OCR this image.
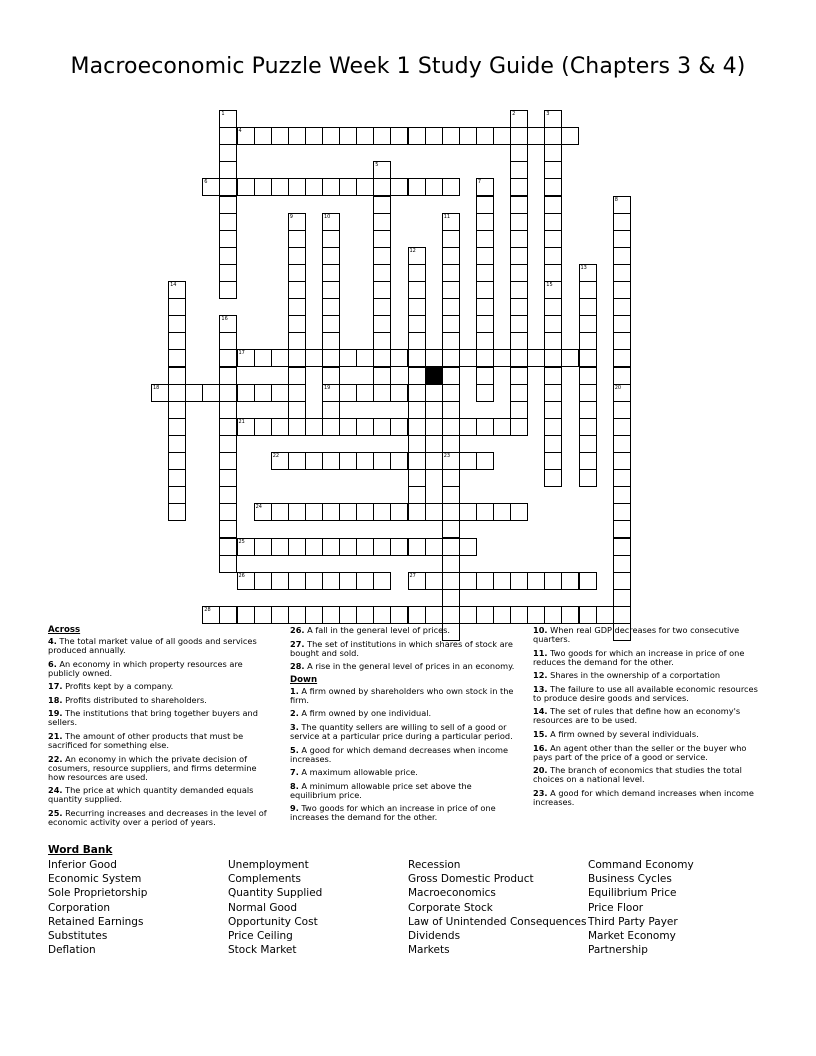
Macroeconomic Puzzle Week 1 Study Guide (Chapters 3 & 4)
1	2	3
15
4
5
6	7
8
9	10
19
11
23
12
13
14
16
17
18	20
21
22
24
25
26	27
28
Across
4. The total market value of all goods and services produced annually.
6. An economy in which property resources are publicly owned.
17. Profits kept by a company.
18. Profits distributed to shareholders.
19. The institutions that bring together buyers and sellers.
21. The amount of other products that must be sacrificed for something else.
22. An economy in which the private decision of cosumers, resource suppliers, and firms determine how resources are used.
24. The price at which quantity demanded equals quantity supplied.
25. Recurring increases and decreases in the level of economic activity over a period of years.
26. A fall in the general level of prices.
27. The set of institutions in which shares of stock are bought and sold.
28. A rise in the general level of prices in an economy.
Down
1. A firm owned by shareholders who own stock in the firm.
2. A firm owned by one individual.
3. The quantity sellers are willing to sell of a good or service at a particular price during a particular period.
5. A good for which demand decreases when income increases.
7. A maximum allowable price.
8. A minimum allowable price set above the equilibrium price.
9. Two goods for which an increase in price of one increases the demand for the other.
10. When real GDP decreases for two consecutive quarters.
11. Two goods for which an increase in price of one reduces the demand for the other.
12. Shares in the ownership of a corportation
13. The failure to use all available economic resources to produce desire goods and services.
14. The set of rules that define how an economy's resources are to be used.
15. A firm owned by several individuals.
16. An agent other than the seller or the buyer who pays part of the price of a good or service.
20. The branch of economics that studies the total choices on a national level.
23. A good for which demand increases when income increases.
Word Bank
Inferior Good
Economic System
Sole Proprietorship
Corporation
Retained Earnings
Substitutes
Deflation
Unemployment
Complements
Quantity Supplied
Normal Good
Opportunity Cost
Price Ceiling
Stock Market
Recession
Gross Domestic Product
Macroeconomics
Corporate Stock
Law of Unintended Consequences
Dividends
Markets
Command Economy
Business Cycles
Equilibrium Price
Price Floor
Third Party Payer
Market Economy
Partnership
